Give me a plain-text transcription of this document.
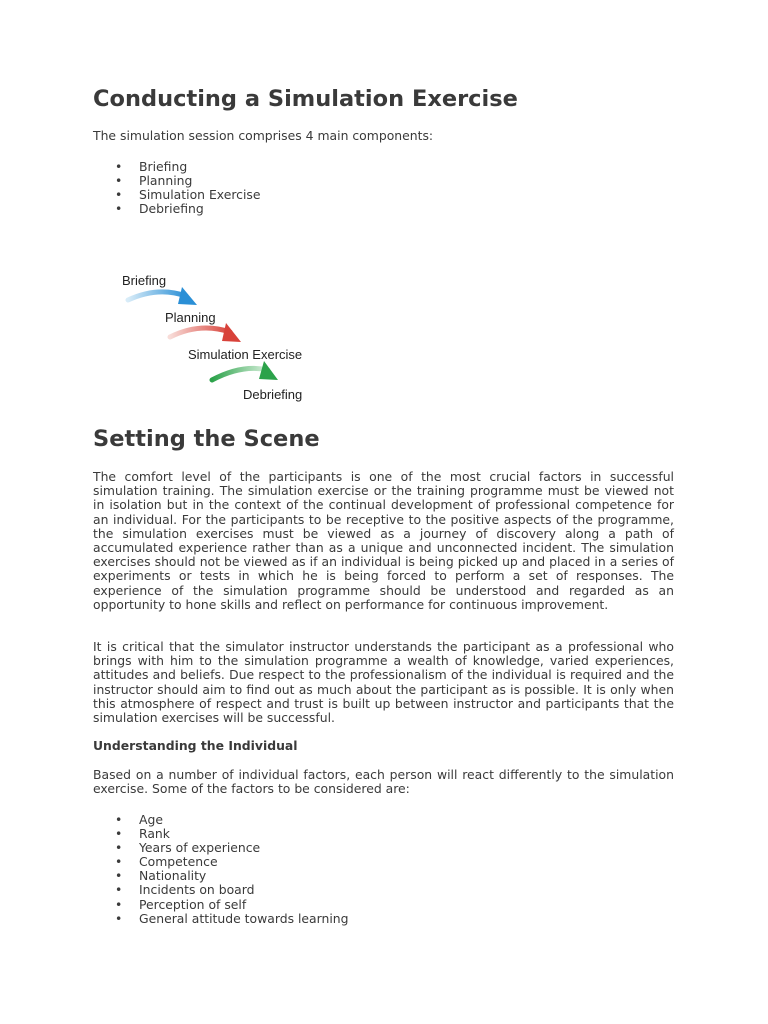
Conducting a Simulation Exercise

The simulation session comprises 4 main components:

• Briefing
• Planning
• Simulation Exercise
• Debriefing
Setting the Scene

The comfort level of the participants is one of the most crucial factors in successful simulation training. The simulation exercise or the training programme must be viewed not in isolation but in the context of the continual development of professional competence for an individual. For the participants to be receptive to the positive aspects of the programme, the simulation exercises must be viewed as a journey of discovery along a path of accumulated experience rather than as a unique and unconnected incident. The simulation exercises should not be viewed as if an individual is being picked up and placed in a series of experiments or tests in which he is being forced to perform a set of responses. The experience of the simulation programme should be understood and regarded as an opportunity to hone skills and reflect on performance for continuous improvement.

It is critical that the simulator instructor understands the participant as a professional who brings with him to the simulation programme a wealth of knowledge, varied experiences, attitudes and beliefs. Due respect to the professionalism of the individual is required and the instructor should aim to find out as much about the participant as is possible. It is only when this atmosphere of respect and trust is built up between instructor and participants that the simulation exercises will be successful.

Understanding the Individual

Based on a number of individual factors, each person will react differently to the simulation exercise. Some of the factors to be considered are:

• Age
• Rank
• Years of experience
• Competence
• Nationality
• Incidents on board
• Perception of self
• General attitude towards learning
Briefing
Planning
Simulation Exercise
Debriefing
